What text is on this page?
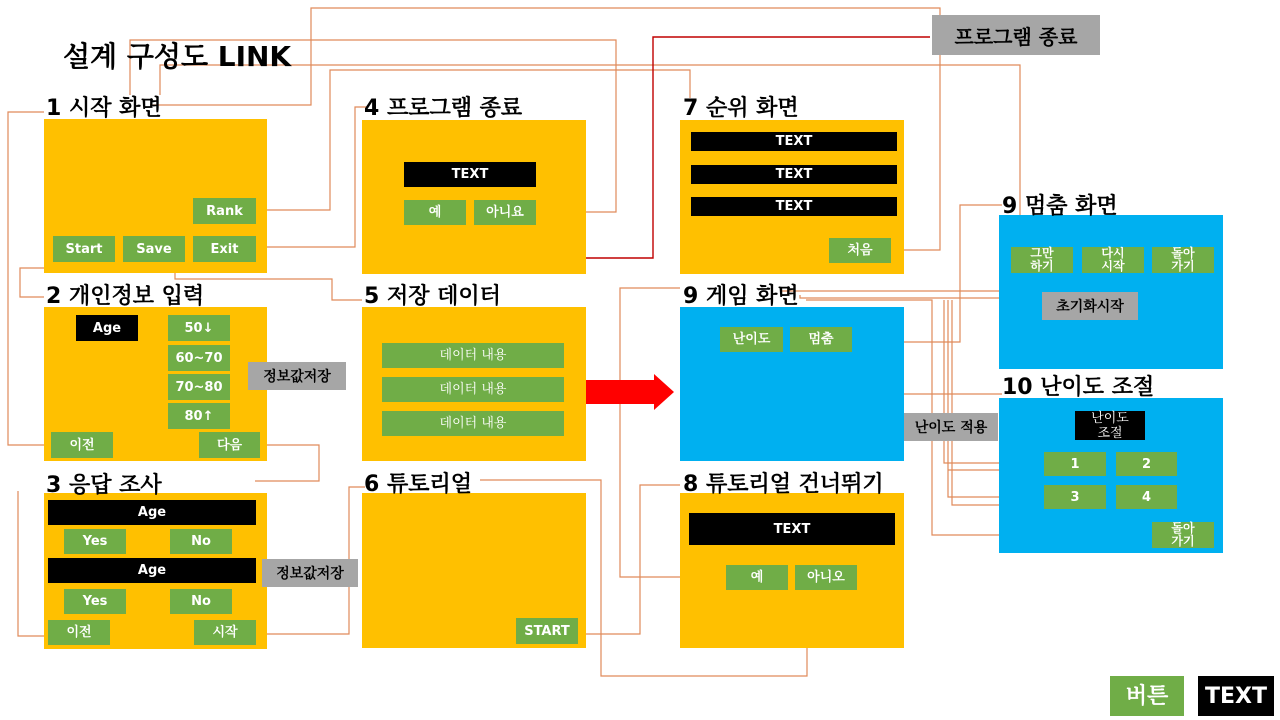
설계 구성도 LINK
프로그램 종료
1 시작 화면
Rank
Start	Save	Exit
2 개인정보 입력
Age	50↓
60~70
70~80
80↑
이전	다음
정보값저장
3 응답 조사
Age
Yes	No
Age
Yes	No
이전	시작
정보값저장
4 프로그램 종료
TEXT
예	아니요
5 저장 데이터
데이터 내용
데이터 내용
데이터 내용
6 튜토리얼
START
7 순위 화면
TEXT
TEXT
TEXT
처음
8 튜토리얼 건너뛰기
TEXT
예	아니오
9 게임 화면
난이도	멈춤
난이도 적용
9 멈춤 화면
그만
하기
다시
시작
돌아
가기
초기화시작
10 난이도 조절
난이도
조절
1	2
3	4
돌아
가기
버튼	TEXT
